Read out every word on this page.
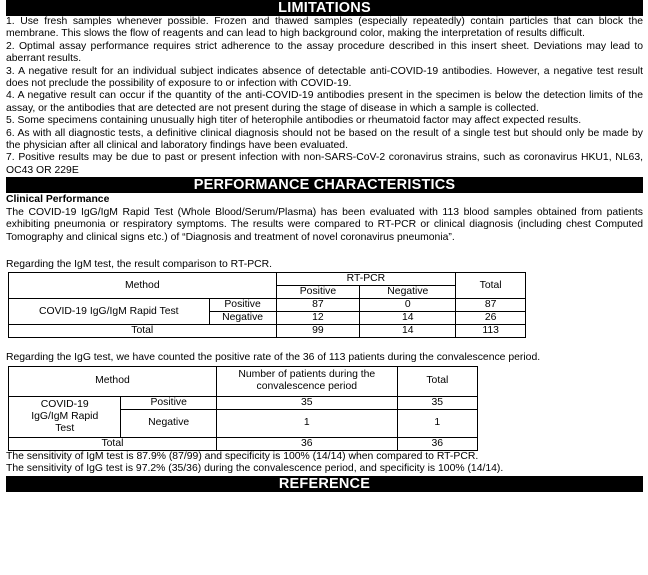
LIMITATIONS

1. Use fresh samples whenever possible. Frozen and thawed samples (especially repeatedly) contain particles that can block the membrane. This slows the flow of reagents and can lead to high background color, making the interpretation of results difficult.

2. Optimal assay performance requires strict adherence to the assay procedure described in this insert sheet. Deviations may lead to aberrant results.

3. A negative result for an individual subject indicates absence of detectable anti-COVID-19 antibodies. However, a negative test result does not preclude the possibility of exposure to or infection with COVID-19.

4. A negative result can occur if the quantity of the anti-COVID-19 antibodies present in the specimen is below the detection limits of the assay, or the antibodies that are detected are not present during the stage of disease in which a sample is collected.

5. Some specimens containing unusually high titer of heterophile antibodies or rheumatoid factor may affect expected results.

6. As with all diagnostic tests, a definitive clinical diagnosis should not be based on the result of a single test but should only be made by the physician after all clinical and laboratory findings have been evaluated.

7. Positive results may be due to past or present infection with non-SARS-CoV-2 coronavirus strains, such as coronavirus HKU1, NL63, OC43 OR 229E

PERFORMANCE CHARACTERISTICS

Clinical Performance

The COVID-19 IgG/IgM Rapid Test (Whole Blood/Serum/Plasma) has been evaluated with 113 blood samples obtained from patients exhibiting pneumonia or respiratory symptoms. The results were compared to RT-PCR or clinical diagnosis (including chest Computed Tomography and clinical signs etc.) of “Diagnosis and treatment of novel coronavirus pneumonia”.

Regarding the IgM test, the result comparison to RT-PCR.

Method		RT-PCR		Total
		Positive	Negative	
COVID-19 IgG/IgM Rapid Test	Positive	87	0	87
	Negative	12	14	26
Total		99	14	113

Regarding the IgG test, we have counted the positive rate of the 36 of 113 patients during the convalescence period.

Method		Number of patients during the convalescence period	Total
COVID-19 IgG/IgM Rapid Test	Positive	35	35
	Negative	1	1
Total		36	36

The sensitivity of IgM test is 87.9% (87/99) and specificity is 100% (14/14) when compared to RT-PCR.

The sensitivity of IgG test is 97.2% (35/36) during the convalescence period, and specificity is 100% (14/14).

REFERENCE
